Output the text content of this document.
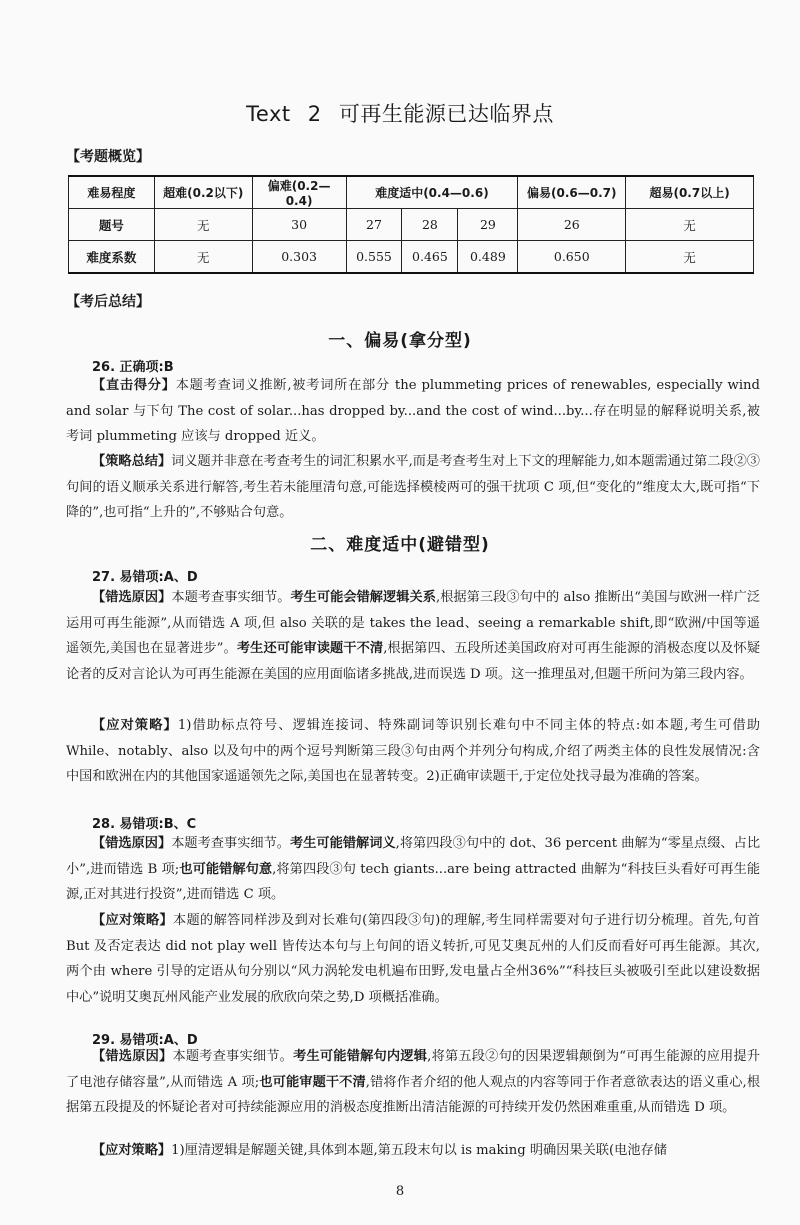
Text 2 可再生能源已达临界点
【考题概览】
难易程度	超难(0.2以下)	偏难(0.2—0.4)	难度适中(0.4—0.6)			偏易(0.6—0.7)	超易(0.7以上)
题号	无	30	27	28	29	26	无
难度系数	无	0.303	0.555	0.465	0.489	0.650	无
【考后总结】
一、偏易(拿分型)
26. 正确项:B

【直击得分】本题考查词义推断,被考词所在部分 the plummeting prices of renewables, especially wind and solar 与下句 The cost of solar...has dropped by...and the cost of wind...by...存在明显的解释说明关系,被考词 plummeting 应该与 dropped 近义。

【策略总结】词义题并非意在考查考生的词汇积累水平,而是考查考生对上下文的理解能力,如本题需通过第二段②③句间的语义顺承关系进行解答,考生若未能厘清句意,可能选择模棱两可的强干扰项 C 项,但“变化的”维度太大,既可指“下降的”,也可指“上升的”,不够贴合句意。

二、难度适中(避错型)
27. 易错项:A、D

【错选原因】本题考查事实细节。考生可能会错解逻辑关系,根据第三段③句中的 also 推断出“美国与欧洲一样广泛运用可再生能源”,从而错选 A 项,但 also 关联的是 takes the lead、seeing a remarkable shift,即“欧洲/中国等遥遥领先,美国也在显著进步”。考生还可能审读题干不清,根据第四、五段所述美国政府对可再生能源的消极态度以及怀疑论者的反对言论认为可再生能源在美国的应用面临诸多挑战,进而误选 D 项。这一推理虽对,但题干所问为第三段内容。

【应对策略】1)借助标点符号、逻辑连接词、特殊副词等识别长难句中不同主体的特点:如本题,考生可借助 While、notably、also 以及句中的两个逗号判断第三段③句由两个并列分句构成,介绍了两类主体的良性发展情况:含中国和欧洲在内的其他国家遥遥领先之际,美国也在显著转变。2)正确审读题干,于定位处找寻最为准确的答案。

28. 易错项:B、C

【错选原因】本题考查事实细节。考生可能错解词义,将第四段③句中的 dot、36 percent 曲解为“零星点缀、占比小”,进而错选 B 项;也可能错解句意,将第四段③句 tech giants...are being attracted 曲解为“科技巨头看好可再生能源,正对其进行投资”,进而错选 C 项。

【应对策略】本题的解答同样涉及到对长难句(第四段③句)的理解,考生同样需要对句子进行切分梳理。首先,句首 But 及否定表达 did not play well 皆传达本句与上句间的语义转折,可见艾奥瓦州的人们反而看好可再生能源。其次,两个由 where 引导的定语从句分别以“风力涡轮发电机遍布田野,发电量占全州36%”“科技巨头被吸引至此以建设数据中心”说明艾奥瓦州风能产业发展的欣欣向荣之势,D 项概括准确。

29. 易错项:A、D

【错选原因】本题考查事实细节。考生可能错解句内逻辑,将第五段②句的因果逻辑颠倒为“可再生能源的应用提升了电池存储容量”,从而错选 A 项;也可能审题干不清,错将作者介绍的他人观点的内容等同于作者意欲表达的语义重心,根据第五段提及的怀疑论者对可持续能源应用的消极态度推断出清洁能源的可持续开发仍然困难重重,从而错选 D 项。

【应对策略】1)厘清逻辑是解题关键,具体到本题,第五段末句以 is making 明确因果关联(电池存储

8
